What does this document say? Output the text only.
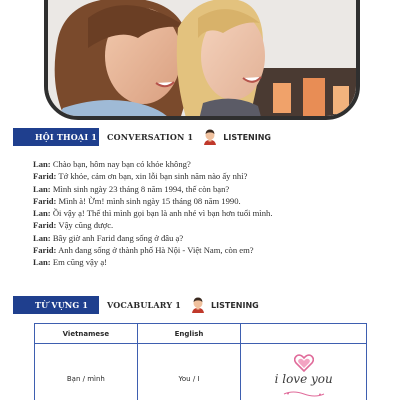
HỘI THOẠI 1 CONVERSATION 1	LISTENING
Lan: Chào bạn, hôm nay bạn có khỏe không?
Farid: Tớ khỏe, cảm ơn bạn, xin lỗi bạn sinh năm nào ấy nhỉ?
Lan: Mình sinh ngày 23 tháng 8 năm 1994, thế còn bạn?
Farid: Mình à! Ừm! mình sinh ngày 15 tháng 08 năm 1990.
Lan: Ồi vậy ạ! Thế thì mình gọi bạn là anh nhé vì bạn hơn tuổi mình.
Farid: Vậy cũng được.
Lan: Bây giờ anh Farid đang sống ở đâu ạ?
Farid: Anh đang sống ở thành phố Hà Nội - Việt Nam, còn em?
Lan: Em cũng vậy ạ!
TỪ VỰNG 1	VOCABULARY 1	LISTENING
Vietnamese	English	
Bạn / mình	You / I	i love you
